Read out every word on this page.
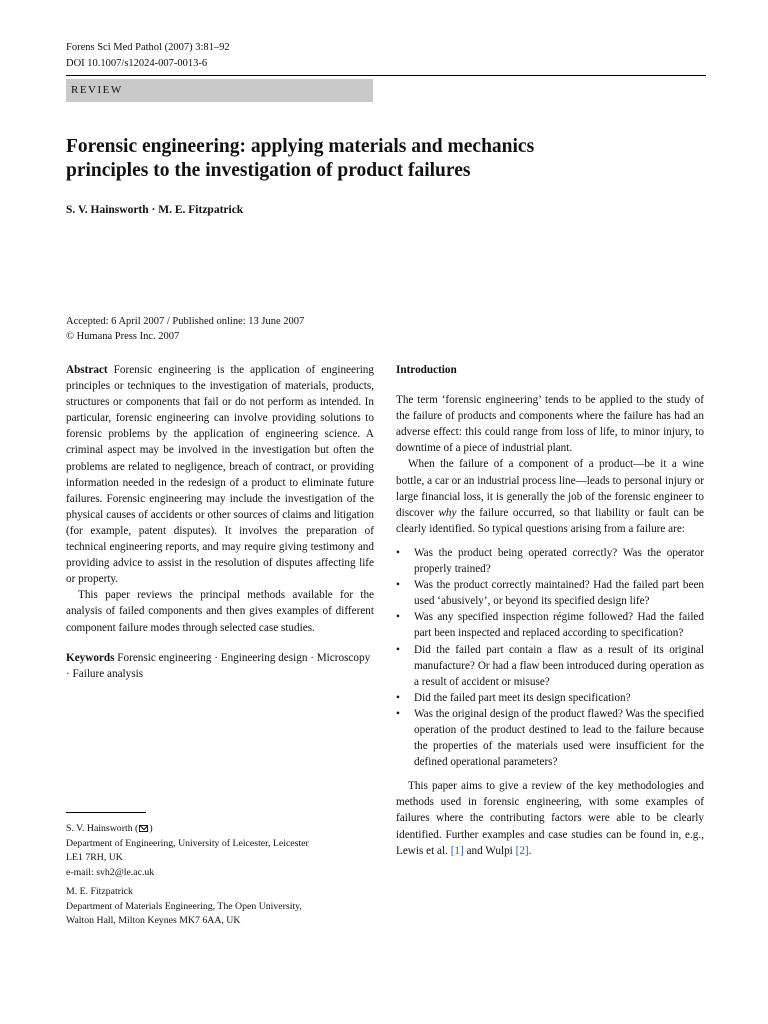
Forens Sci Med Pathol (2007) 3:81–92
DOI 10.1007/s12024-007-0013-6
REVIEW
Forensic engineering: applying materials and mechanics
principles to the investigation of product failures
S. V. Hainsworth · M. E. Fitzpatrick
Accepted: 6 April 2007 / Published online: 13 June 2007
© Humana Press Inc. 2007

Abstract Forensic engineering is the application of engineering principles or techniques to the investigation of materials, products, structures or components that fail or do not perform as intended. In particular, forensic engineering can involve providing solutions to forensic problems by the application of engineering science. A criminal aspect may be involved in the investigation but often the problems are related to negligence, breach of contract, or providing information needed in the redesign of a product to eliminate future failures. Forensic engineering may include the investigation of the physical causes of accidents or other sources of claims and litigation (for example, patent disputes). It involves the preparation of technical engineering reports, and may require giving testimony and providing advice to assist in the resolution of disputes affecting life or property.

This paper reviews the principal methods available for the analysis of failed components and then gives examples of different component failure modes through selected case studies.

Keywords Forensic engineering · Engineering design · Microscopy · Failure analysis

S. V. Hainsworth ( )
Department of Engineering, University of Leicester, Leicester
LE1 7RH, UK
e-mail: svh2@le.ac.uk
M. E. Fitzpatrick
Department of Materials Engineering, The Open University,
Walton Hall, Milton Keynes MK7 6AA, UK

Introduction

The term ‘forensic engineering’ tends to be applied to the study of the failure of products and components where the failure has had an adverse effect: this could range from loss of life, to minor injury, to downtime of a piece of industrial plant.

When the failure of a component of a product—be it a wine bottle, a car or an industrial process line—leads to personal injury or large financial loss, it is generally the job of the forensic engineer to discover why the failure occurred, so that liability or fault can be clearly identified. So typical questions arising from a failure are:

• Was the product being operated correctly? Was the operator properly trained?
• Was the product correctly maintained? Had the failed part been used ‘abusively’, or beyond its specified design life?
• Was any specified inspection régime followed? Had the failed part been inspected and replaced according to specification?
• Did the failed part contain a flaw as a result of its original manufacture? Or had a flaw been introduced during operation as a result of accident or misuse?
• Did the failed part meet its design specification?
• Was the original design of the product flawed? Was the specified operation of the product destined to lead to the failure because the properties of the materials used were insufficient for the defined operational parameters?

This paper aims to give a review of the key methodologies and methods used in forensic engineering, with some examples of failures where the contributing factors were able to be clearly identified. Further examples and case studies can be found in, e.g., Lewis et al. [1] and Wulpi [2].
